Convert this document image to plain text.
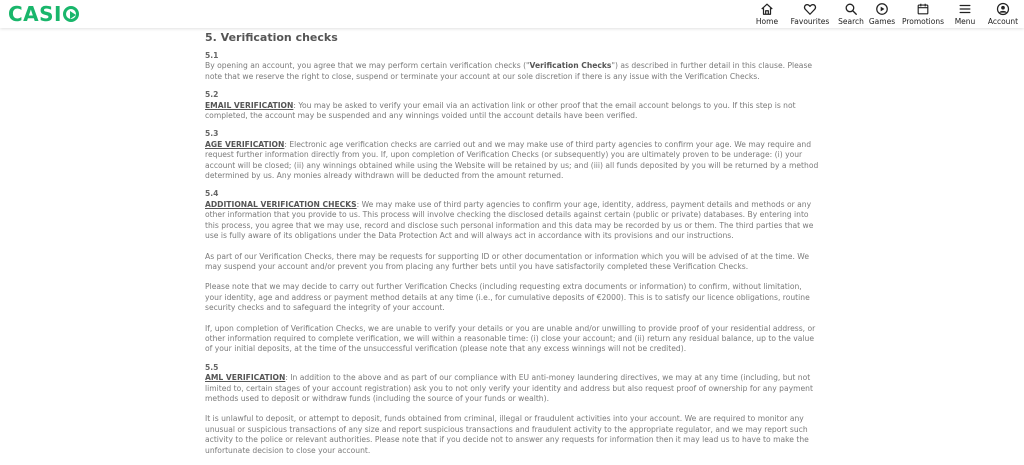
CASI	Home Favourites Search Games Promotions Menu Account
5. Verification checks
5.1

By opening an account, you agree that we may perform certain verification checks ("Verification Checks") as described in further detail in this clause. Please note that we reserve the right to close, suspend or terminate your account at our sole discretion if there is any issue with the Verification Checks.

5.2

EMAIL VERIFICATION: You may be asked to verify your email via an activation link or other proof that the email account belongs to you. If this step is not completed, the account may be suspended and any winnings voided until the account details have been verified.

5.3

AGE VERIFICATION: Electronic age verification checks are carried out and we may make use of third party agencies to confirm your age. We may require and request further information directly from you. If, upon completion of Verification Checks (or subsequently) you are ultimately proven to be underage: (i) your account will be closed; (ii) any winnings obtained while using the Website will be retained by us; and (iii) all funds deposited by you will be returned by a method determined by us. Any monies already withdrawn will be deducted from the amount returned.

5.4

ADDITIONAL VERIFICATION CHECKS: We may make use of third party agencies to confirm your age, identity, address, payment details and methods or any other information that you provide to us. This process will involve checking the disclosed details against certain (public or private) databases. By entering into this process, you agree that we may use, record and disclose such personal information and this data may be recorded by us or them. The third parties that we use is fully aware of its obligations under the Data Protection Act and will always act in accordance with its provisions and our instructions.

As part of our Verification Checks, there may be requests for supporting ID or other documentation or information which you will be advised of at the time. We may suspend your account and/or prevent you from placing any further bets until you have satisfactorily completed these Verification Checks.

Please note that we may decide to carry out further Verification Checks (including requesting extra documents or information) to confirm, without limitation, your identity, age and address or payment method details at any time (i.e., for cumulative deposits of €2000). This is to satisfy our licence obligations, routine security checks and to safeguard the integrity of your account.

If, upon completion of Verification Checks, we are unable to verify your details or you are unable and/or unwilling to provide proof of your residential address, or other information required to complete verification, we will within a reasonable time: (i) close your account; and (ii) return any residual balance, up to the value of your initial deposits, at the time of the unsuccessful verification (please note that any excess winnings will not be credited).

5.5

AML VERIFICATION: In addition to the above and as part of our compliance with EU anti-money laundering directives, we may at any time (including, but not limited to, certain stages of your account registration) ask you to not only verify your identity and address but also request proof of ownership for any payment methods used to deposit or withdraw funds (including the source of your funds or wealth).

It is unlawful to deposit, or attempt to deposit, funds obtained from criminal, illegal or fraudulent activities into your account. We are required to monitor any unusual or suspicious transactions of any size and report suspicious transactions and fraudulent activity to the appropriate regulator, and we may report such activity to the police or relevant authorities. Please note that if you decide not to answer any requests for information then it may lead us to have to make the unfortunate decision to close your account.
